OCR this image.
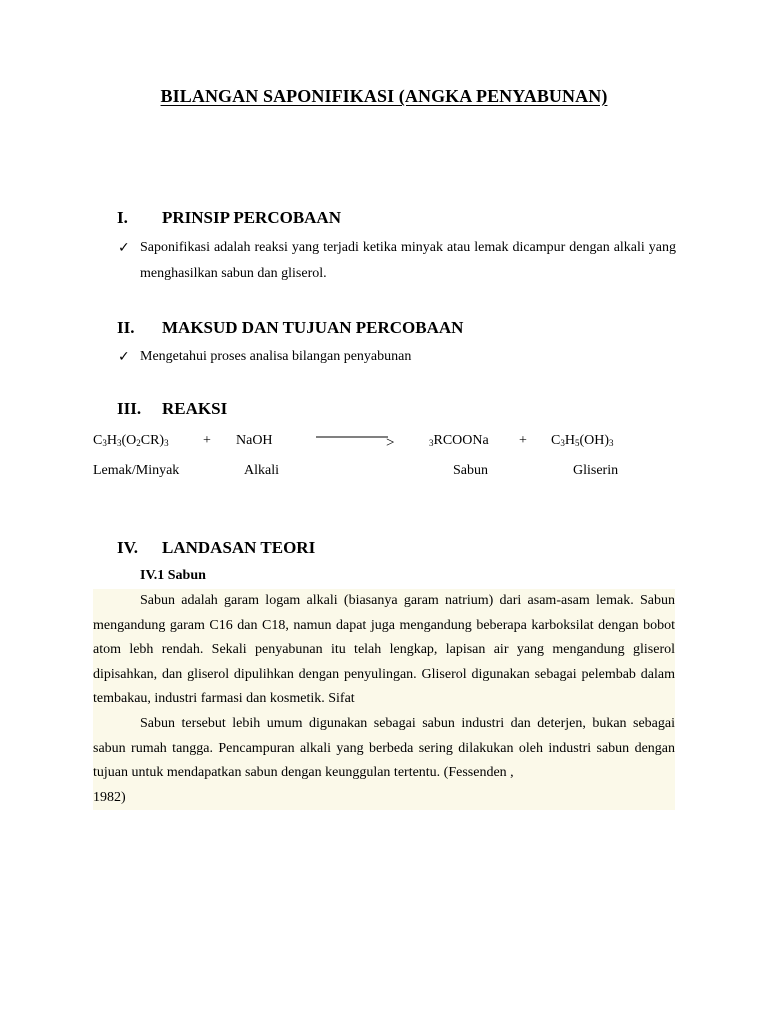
BILANGAN SAPONIFIKASI (ANGKA PENYABUNAN)
I. PRINSIP PERCOBAAN
✓ Saponifikasi adalah reaksi yang terjadi ketika minyak atau lemak dicampur dengan alkali yang menghasilkan sabun dan gliserol.
II. MAKSUD DAN TUJUAN PERCOBAAN
✓ Mengetahui proses analisa bilangan penyabunan
III. REAKSI
$C_3H_3(O_2CR)_3$ + NaOH	>	$_3$RCOONa + $C_3H_5(OH)_3$
Lemak/Minyak	Alkali	Sabun	Gliserin
IV. LANDASAN TEORI
IV.1 Sabun

Sabun adalah garam logam alkali (biasanya garam natrium) dari asam-asam lemak. Sabun mengandung garam C16 dan C18, namun dapat juga mengandung beberapa karboksilat dengan bobot atom lebh rendah. Sekali penyabunan itu telah lengkap, lapisan air yang mengandung gliserol dipisahkan, dan gliserol dipulihkan dengan penyulingan. Gliserol digunakan sebagai pelembab dalam tembakau, industri farmasi dan kosmetik. Sifat

Sabun tersebut lebih umum digunakan sebagai sabun industri dan deterjen, bukan sebagai sabun rumah tangga. Pencampuran alkali yang berbeda sering dilakukan oleh industri sabun dengan tujuan untuk mendapatkan sabun dengan keunggulan tertentu. (Fessenden ,

1982)
